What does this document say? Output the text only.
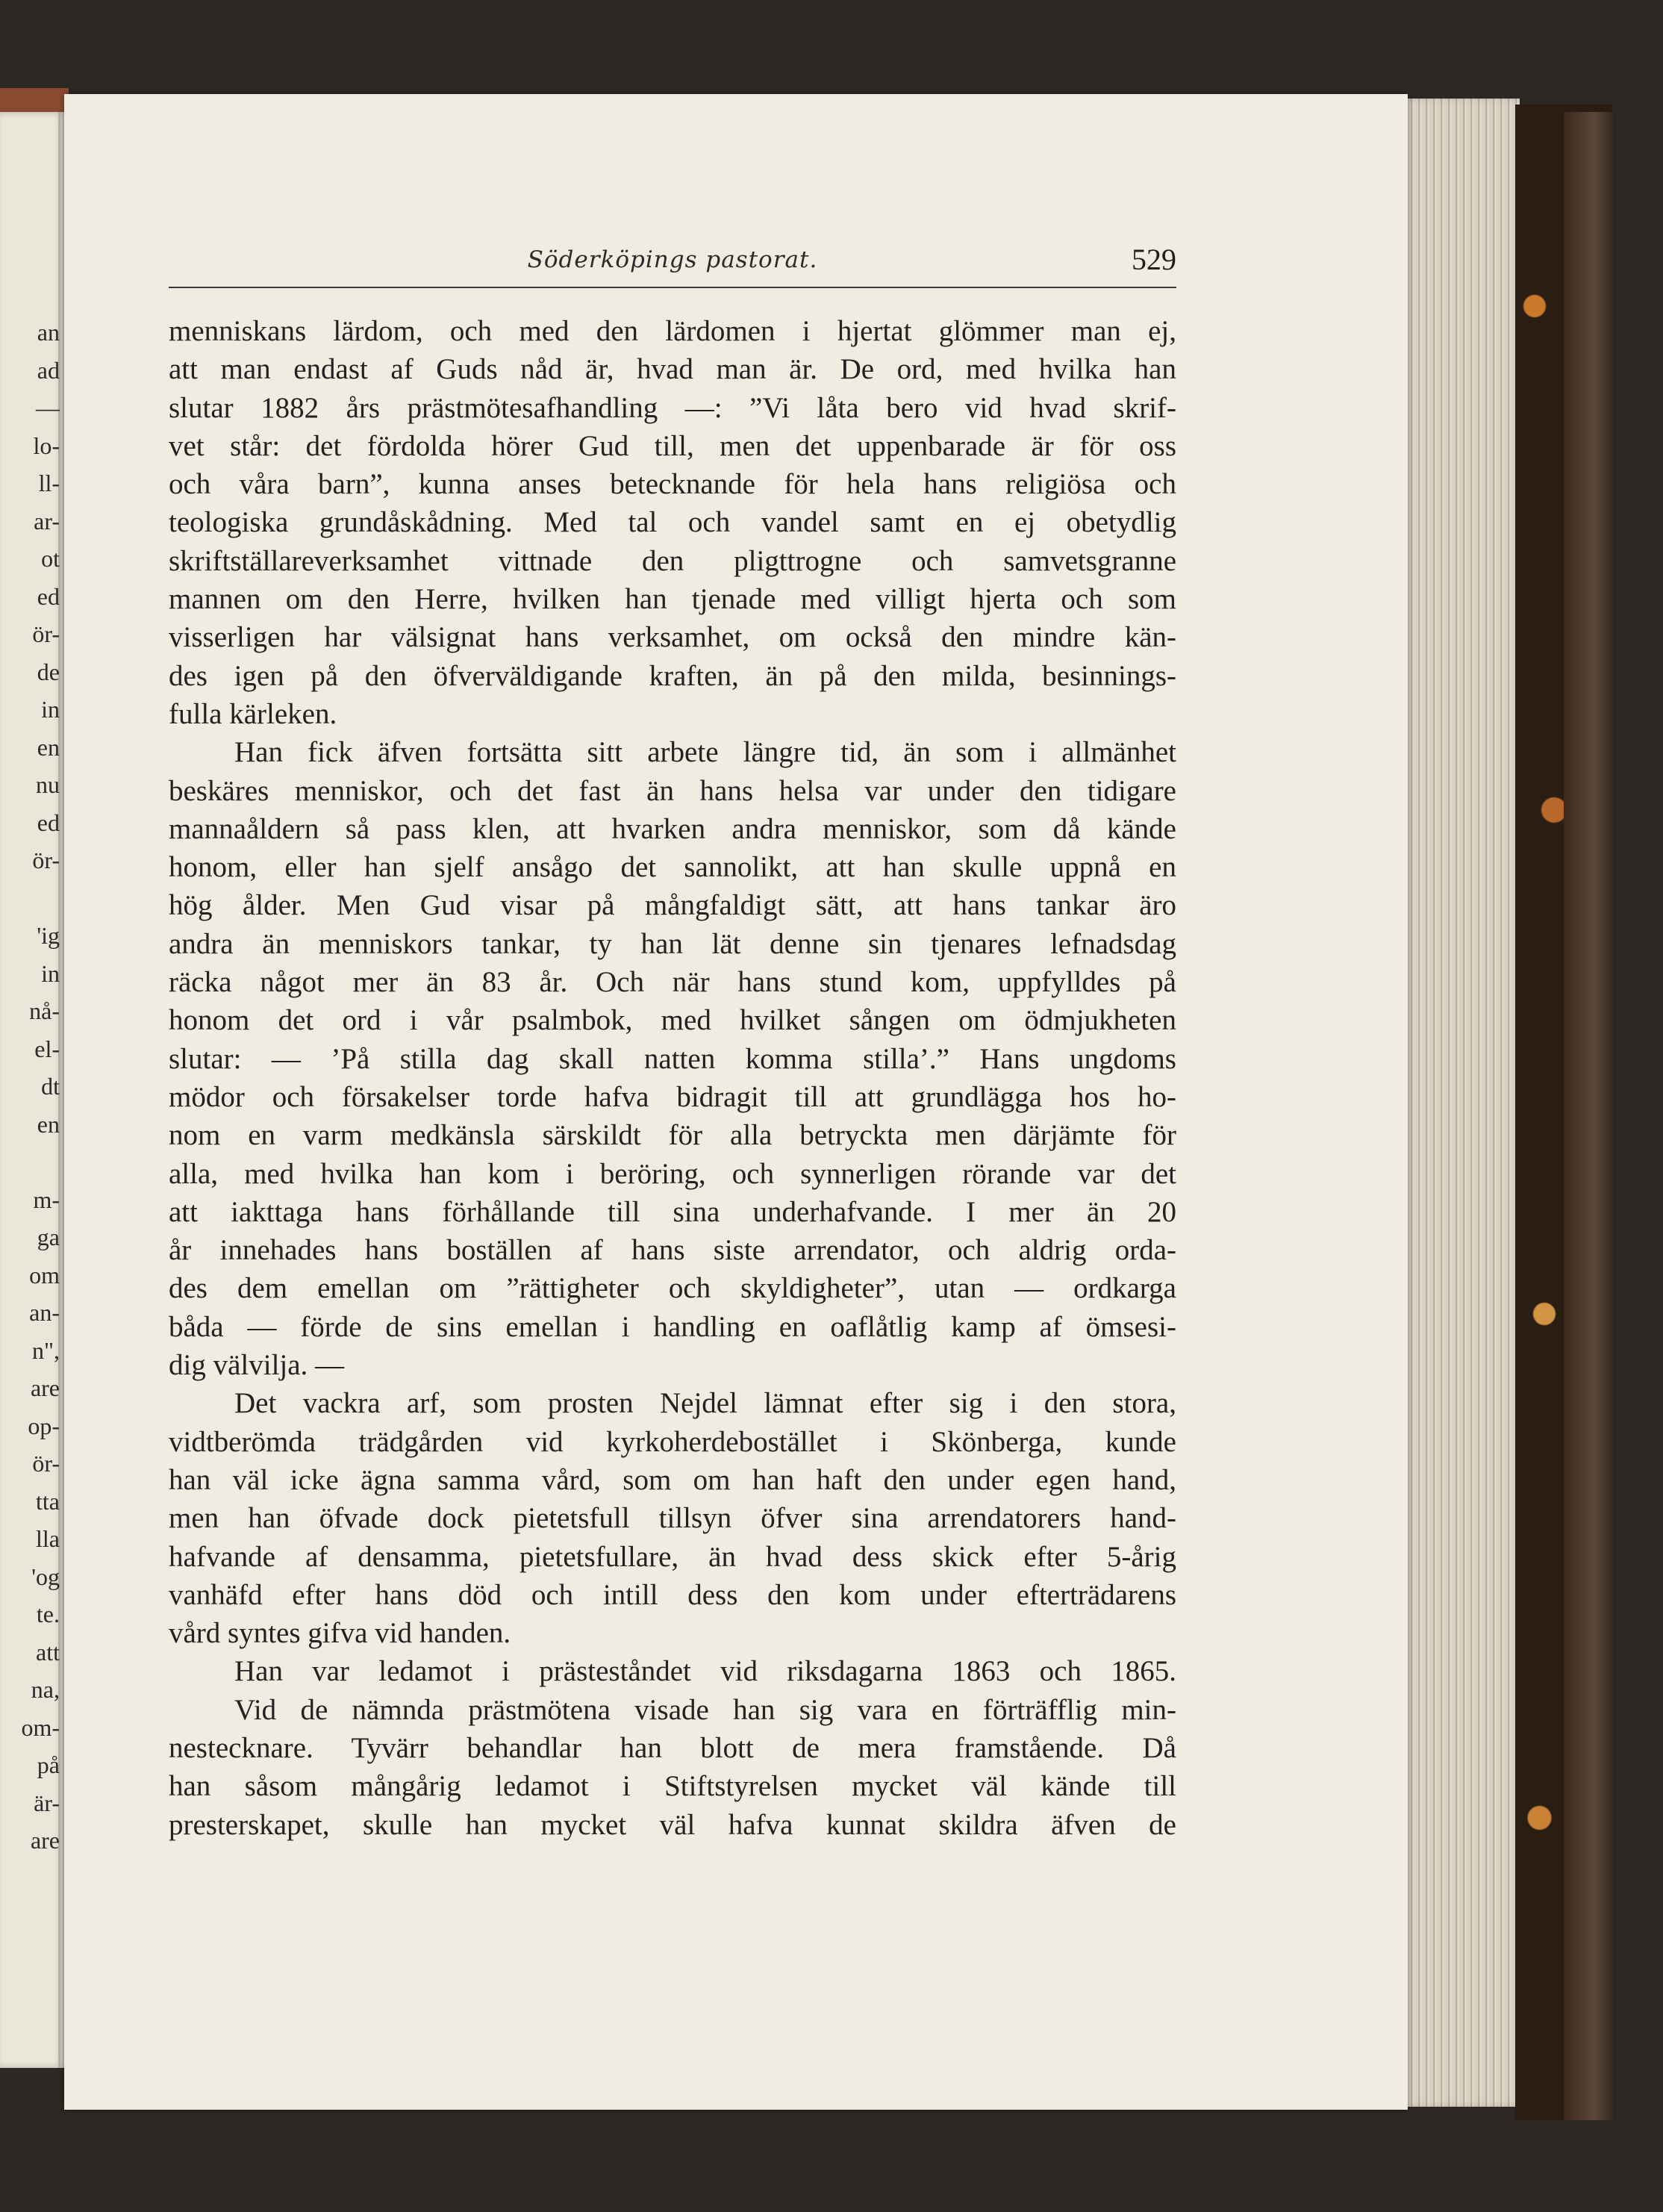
an
ad
—
lo-
ll-
ar-
ot
ed
ör-
de
in
en
nu
ed
ör-
'ig
in
nå-
el-
dt
en
m-
ga
om
an-
n",
are
op-
ör-
tta
lla
'og
te.
att
na,
om-
på
är-
are
Söderköpings pastorat.	529
menniskans lärdom, och med den lärdomen i hjertat glömmer man ej,
att man endast af Guds nåd är, hvad man är. De ord, med hvilka han
slutar 1882 års prästmötesafhandling —: ”Vi låta bero vid hvad skrif-
vet står: det fördolda hörer Gud till, men det uppenbarade är för oss
och våra barn”, kunna anses betecknande för hela hans religiösa och
teologiska grundåskådning. Med tal och vandel samt en ej obetydlig
skriftställareverksamhet vittnade den pligttrogne och samvetsgranne
mannen om den Herre, hvilken han tjenade med villigt hjerta och som
visserligen har välsignat hans verksamhet, om också den mindre kän-
des igen på den öfverväldigande kraften, än på den milda, besinnings-
fulla kärleken.
Han fick äfven fortsätta sitt arbete längre tid, än som i allmänhet
beskäres menniskor, och det fast än hans helsa var under den tidigare
mannaåldern så pass klen, att hvarken andra menniskor, som då kände
honom, eller han sjelf ansågo det sannolikt, att han skulle uppnå en
hög ålder. Men Gud visar på mångfaldigt sätt, att hans tankar äro
andra än menniskors tankar, ty han lät denne sin tjenares lefnadsdag
räcka något mer än 83 år. Och när hans stund kom, uppfylldes på
honom det ord i vår psalmbok, med hvilket sången om ödmjukheten
slutar: — ’På stilla dag skall natten komma stilla’.” Hans ungdoms
mödor och försakelser torde hafva bidragit till att grundlägga hos ho-
nom en varm medkänsla särskildt för alla betryckta men därjämte för
alla, med hvilka han kom i beröring, och synnerligen rörande var det
att iakttaga hans förhållande till sina underhafvande. I mer än 20
år innehades hans boställen af hans siste arrendator, och aldrig orda-
des dem emellan om ”rättigheter och skyldigheter”, utan — ordkarga
båda — förde de sins emellan i handling en oaflåtlig kamp af ömsesi-
dig välvilja. —
Det vackra arf, som prosten Nejdel lämnat efter sig i den stora,
vidtberömda trädgården vid kyrkoherdebostället i Skönberga, kunde
han väl icke ägna samma vård, som om han haft den under egen hand,
men han öfvade dock pietetsfull tillsyn öfver sina arrendatorers hand-
hafvande af densamma, pietetsfullare, än hvad dess skick efter 5-årig
vanhäfd efter hans död och intill dess den kom under efterträdarens
vård syntes gifva vid handen.
Han var ledamot i prästeståndet vid riksdagarna 1863 och 1865.
Vid de nämnda prästmötena visade han sig vara en förträfflig min-
nestecknare. Tyvärr behandlar han blott de mera framstående. Då
han såsom mångårig ledamot i Stiftstyrelsen mycket väl kände till
presterskapet, skulle han mycket väl hafva kunnat skildra äfven de
